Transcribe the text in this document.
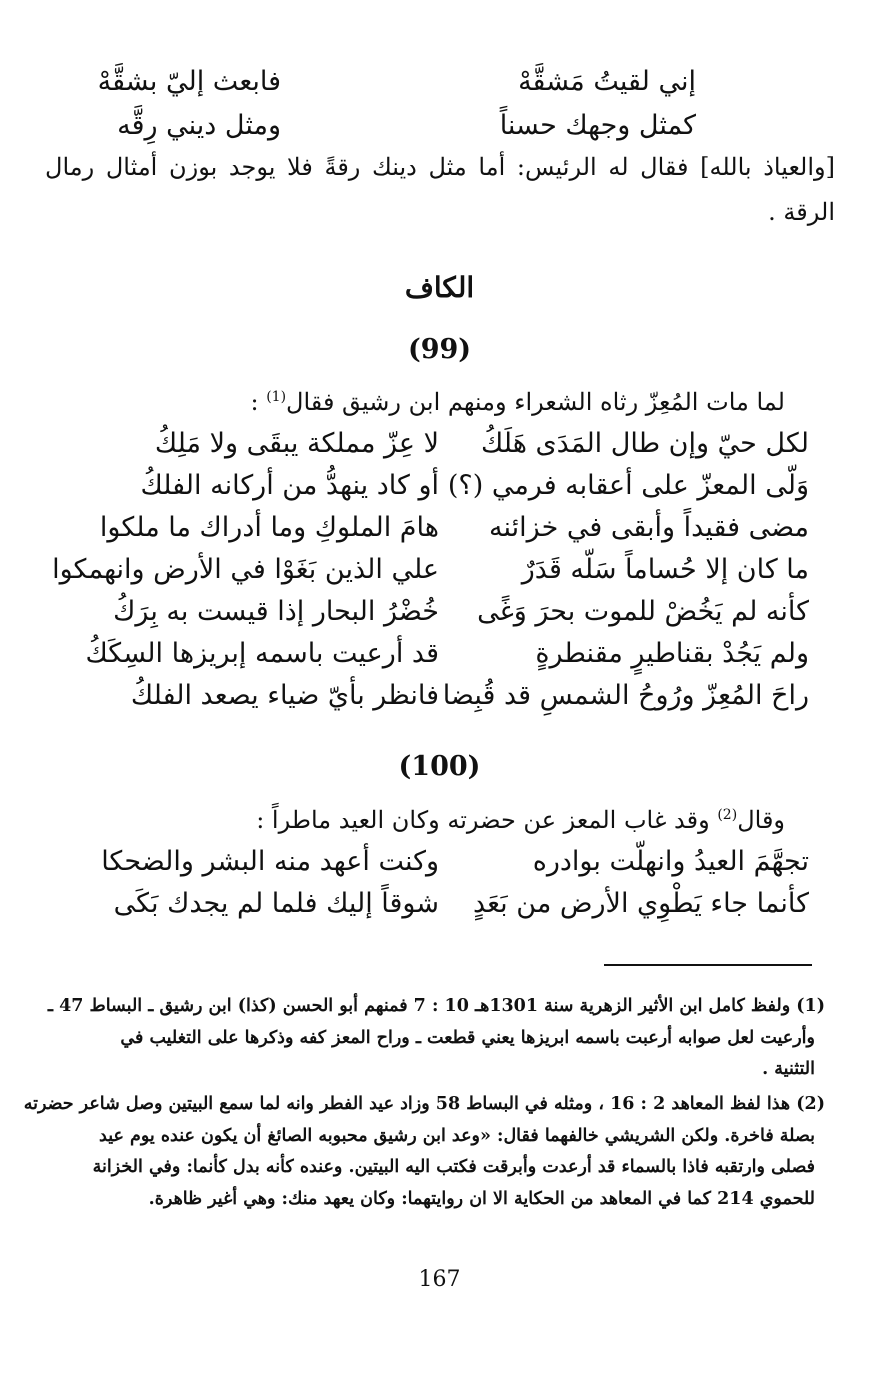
إني لقيتُ مَشقَّهْ
فابعث إليّ بشقَّهْ
كمثل وجهك حسناً
ومثل ديني رِقَّه
[والعياذ بالله] فقال له الرئيس: أما مثل دينك رقةً فلا يوجد بوزن أمثال رمال
الرقة .
الكاف
(99)
لما مات المُعِزّ رثاه الشعراء ومنهم ابن رشيق فقال$^{(1)}$ :
لكل حيّ وإن طال المَدَى هَلَكُ
لا عِزّ مملكة يبقَى ولا مَلِكُ
وَلّى المعزّ على أعقابه فرمي (؟)
أو كاد ينهدُّ من أركانه الفلكُ
مضى فقيداً وأبقى في خزائنه
هامَ الملوكِ وما أدراك ما ملكوا
ما كان إلا حُساماً سَلّه قَدَرٌ
علي الذين بَغَوْا في الأرض وانهمكوا
كأنه لم يَخُضْ للموت بحرَ وَغًى
خُضْرُ البحار إذا قيست به بِرَكُ
ولم يَجُدْ بقناطيرٍ مقنطرةٍ
قد أرعيت باسمه إبريزها السِكَكُ
راحَ المُعِزّ ورُوحُ الشمسِ قد قُبِضا
فانظر بأيّ ضياء يصعد الفلكُ
(100)
وقال$^{(2)}$ وقد غاب المعز عن حضرته وكان العيد ماطراً :
تجهَّمَ العيدُ وانهلّت بوادره
وكنت أعهد منه البشر والضحكا
كأنما جاء يَطْوِي الأرض من بَعَدٍ
شوقاً إليك فلما لم يجدك بَكَى
(1) ولفظ كامل ابن الأثير الزهرية سنة 1301هـ 10 : 7 فمنهم أبو الحسن (كذا) ابن رشيق ـ البساط 47 ـ
وأرعيت لعل صوابه أرعبت باسمه ابريزها يعني قطعت ـ وراح المعز كفه وذكرها على التغليب في
التثنية .
(2) هذا لفظ المعاهد 2 : 16 ، ومثله في البساط 58 وزاد عيد الفطر وانه لما سمع البيتين وصل شاعر حضرته
بصلة فاخرة. ولكن الشريشي خالفهما فقال: «وعد ابن رشيق محبوبه الصائغ أن يكون عنده يوم عيد
فصلى وارتقبه فاذا بالسماء قد أرعدت وأبرقت فكتب اليه البيتين. وعنده كأنه بدل كأنما: وفي الخزانة
للحموي 214 كما في المعاهد من الحكاية الا ان روايتهما: وكان يعهد منك: وهي أغير ظاهرة.
167
